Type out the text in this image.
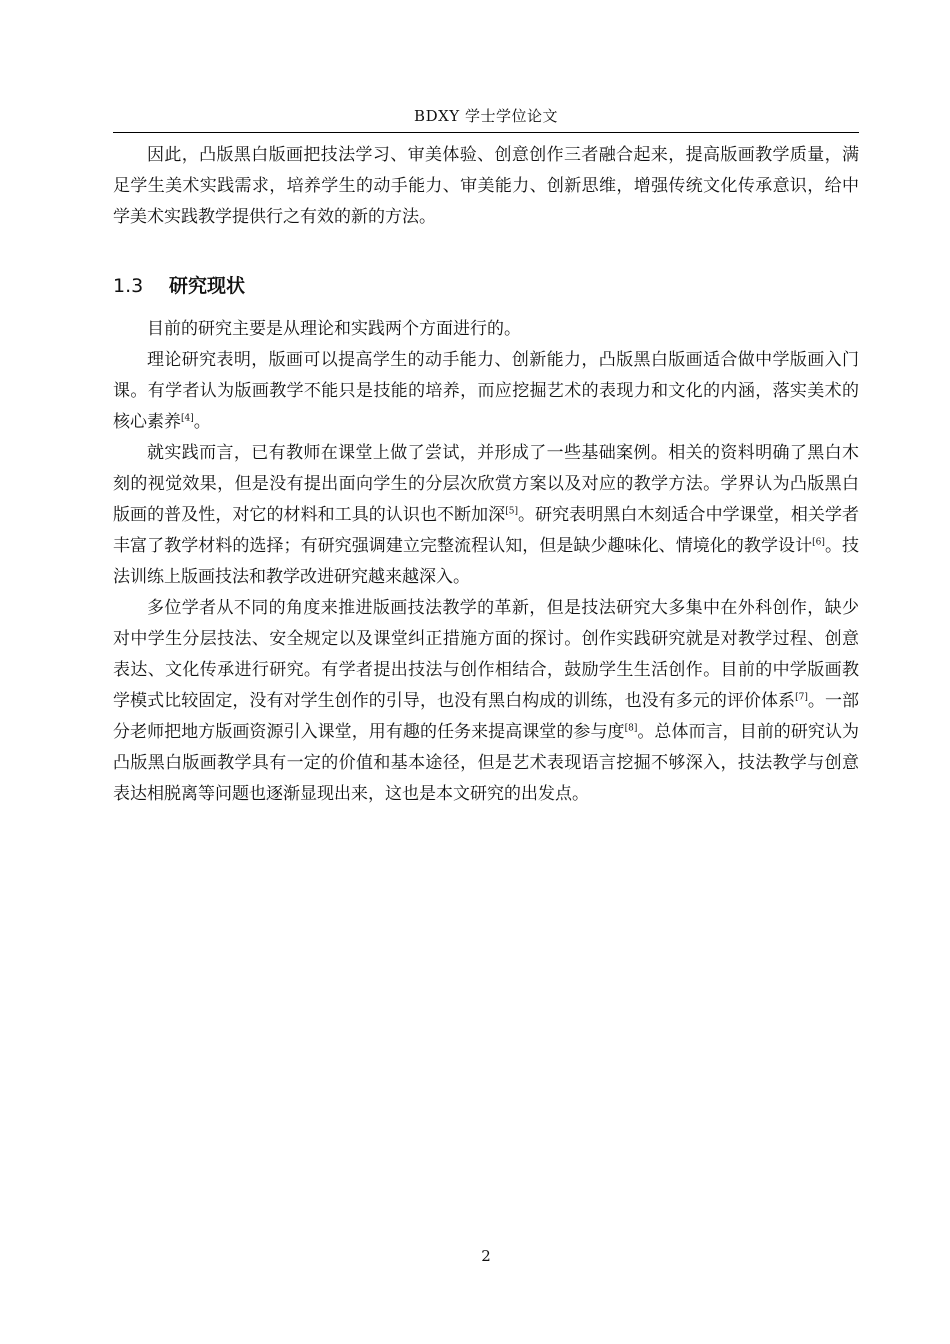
BDXY 学士学位论文

因此，凸版黑白版画把技法学习、审美体验、创意创作三者融合起来，提高版画教学质量，满足学生美术实践需求，培养学生的动手能力、审美能力、创新思维，增强传统文化传承意识，给中学美术实践教学提供行之有效的新的方法。

1.3 研究现状

目前的研究主要是从理论和实践两个方面进行的。

理论研究表明，版画可以提高学生的动手能力、创新能力，凸版黑白版画适合做中学版画入门课。有学者认为版画教学不能只是技能的培养，而应挖掘艺术的表现力和文化的内涵，落实美术的核心素养[4]。

就实践而言，已有教师在课堂上做了尝试，并形成了一些基础案例。相关的资料明确了黑白木刻的视觉效果，但是没有提出面向学生的分层次欣赏方案以及对应的教学方法。学界认为凸版黑白版画的普及性，对它的材料和工具的认识也不断加深[5]。研究表明黑白木刻适合中学课堂，相关学者丰富了教学材料的选择；有研究强调建立完整流程认知，但是缺少趣味化、情境化的教学设计[6]。技法训练上版画技法和教学改进研究越来越深入。

多位学者从不同的角度来推进版画技法教学的革新，但是技法研究大多集中在外科创作，缺少对中学生分层技法、安全规定以及课堂纠正措施方面的探讨。创作实践研究就是对教学过程、创意表达、文化传承进行研究。有学者提出技法与创作相结合，鼓励学生生活创作。目前的中学版画教学模式比较固定，没有对学生创作的引导，也没有黑白构成的训练，也没有多元的评价体系[7]。一部分老师把地方版画资源引入课堂，用有趣的任务来提高课堂的参与度[8]。总体而言，目前的研究认为凸版黑白版画教学具有一定的价值和基本途径，但是艺术表现语言挖掘不够深入，技法教学与创意表达相脱离等问题也逐渐显现出来，这也是本文研究的出发点。

2
